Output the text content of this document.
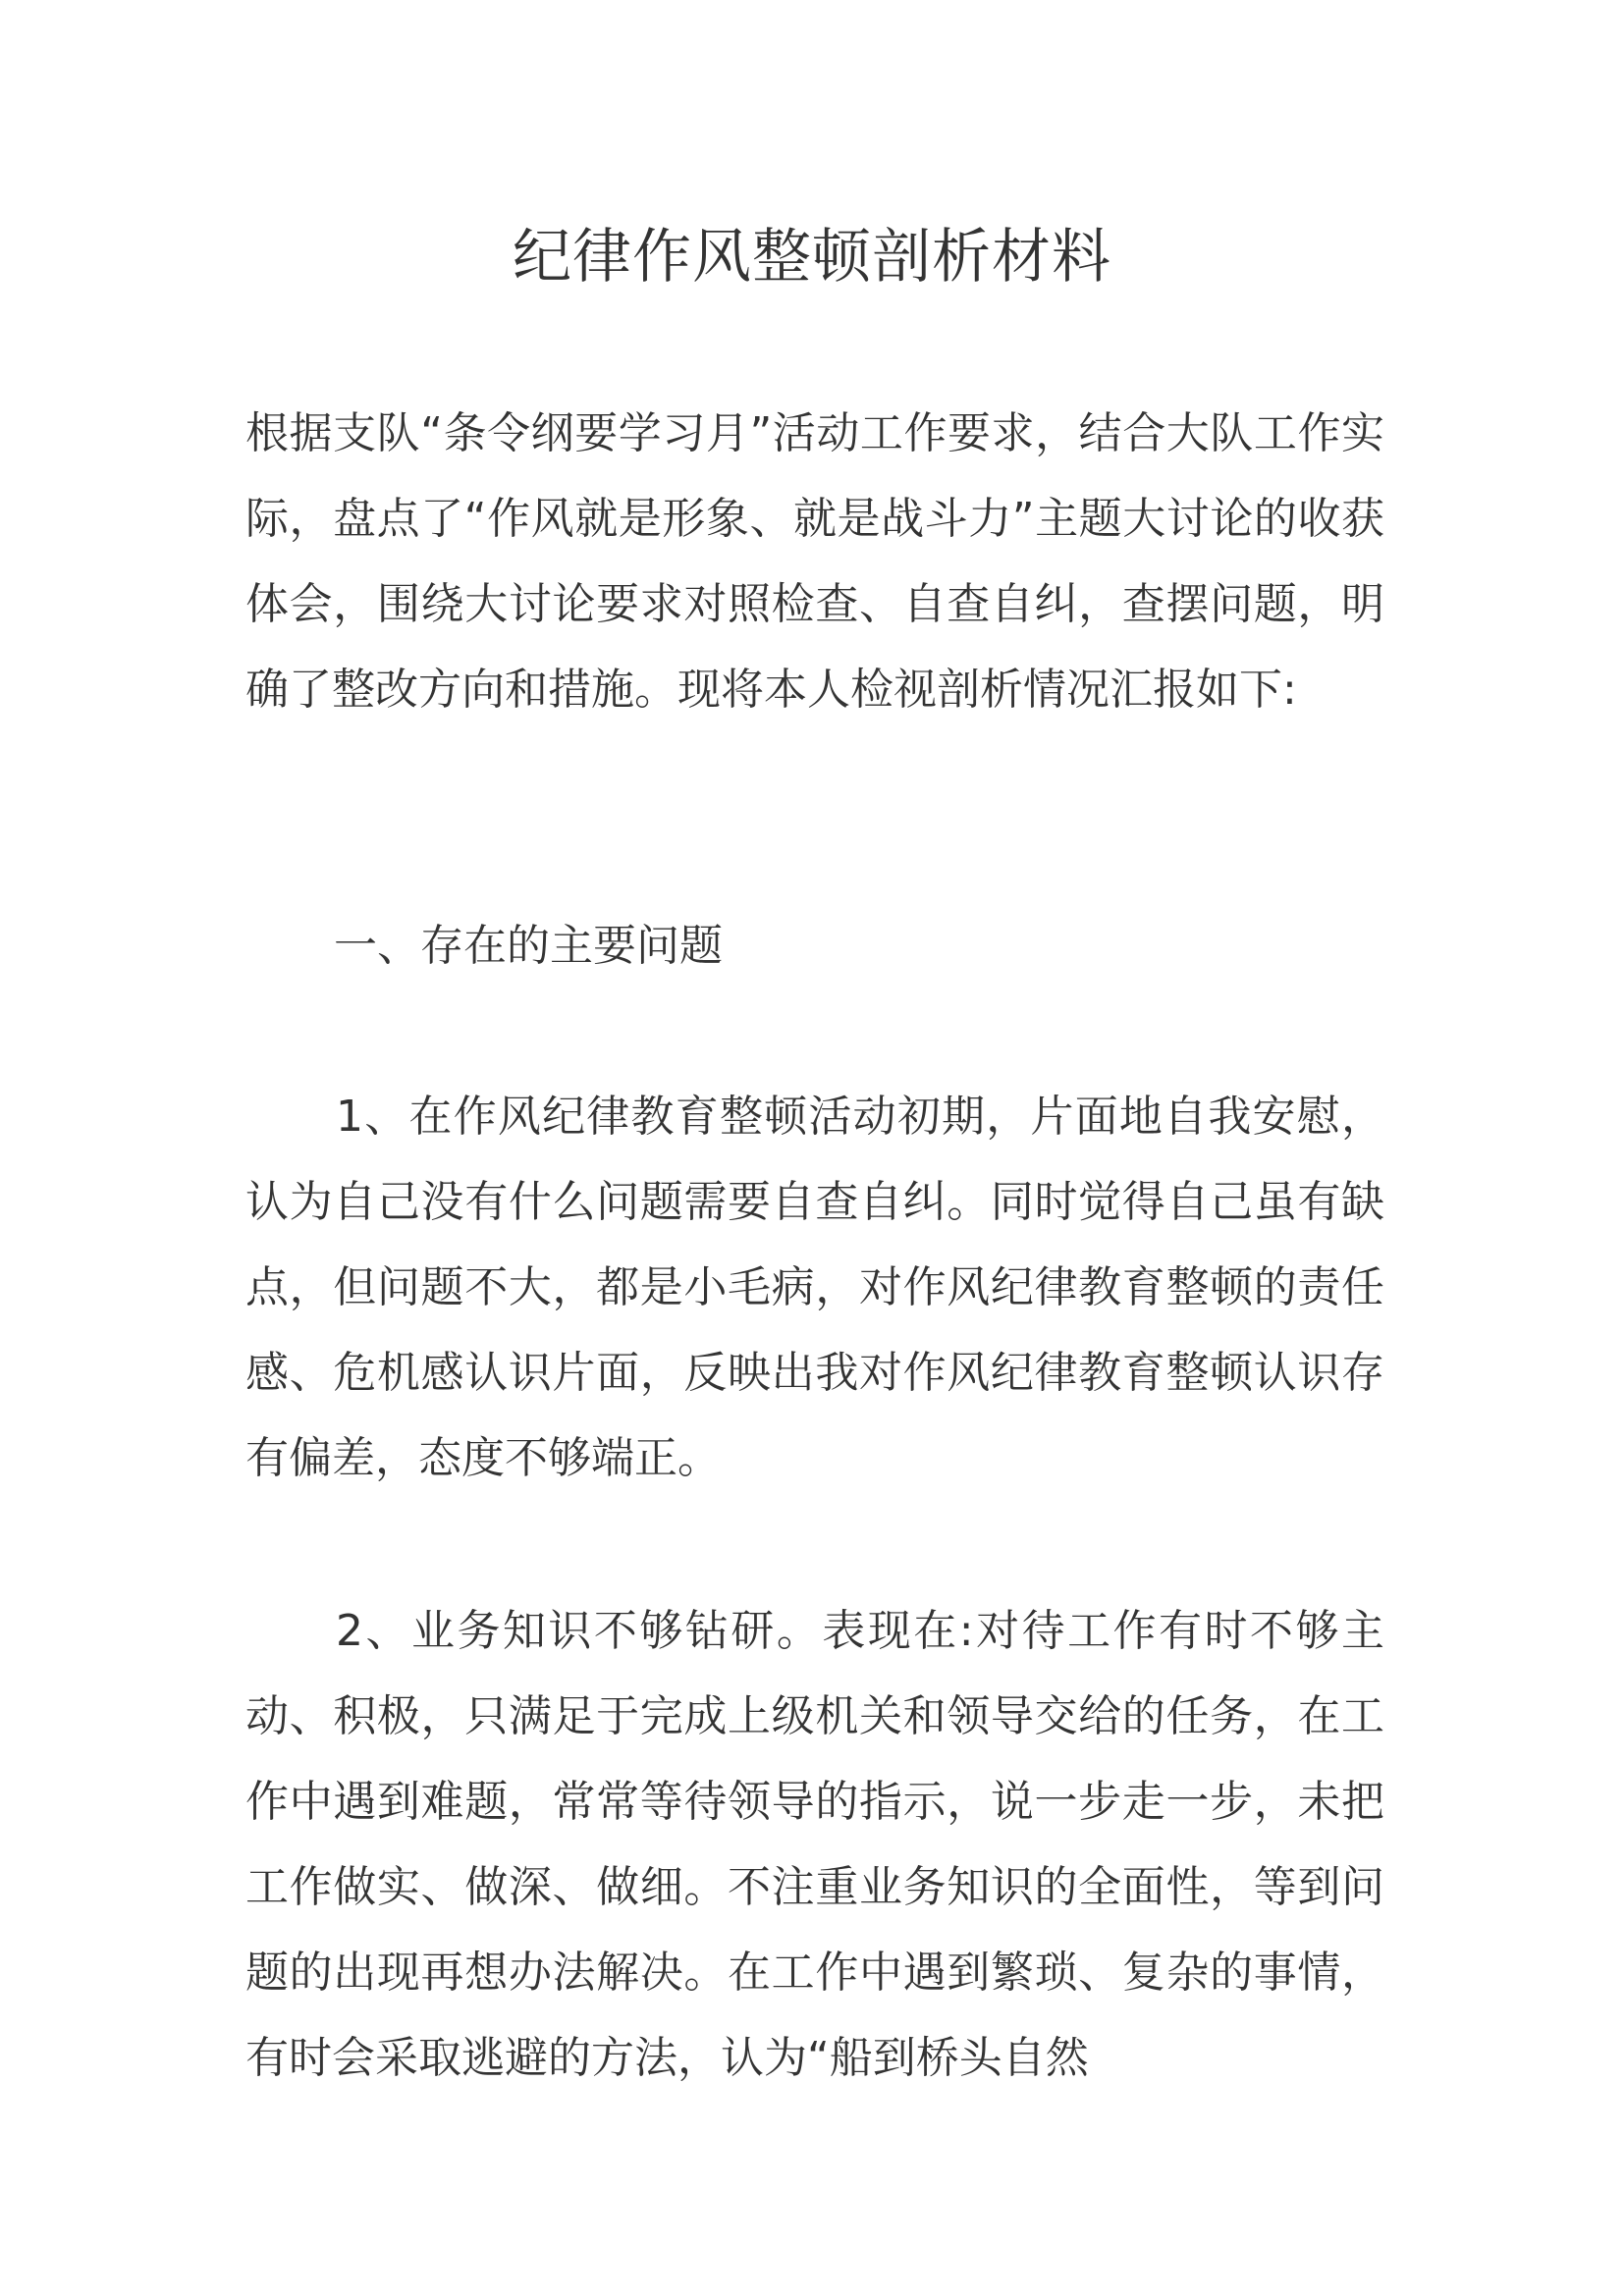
纪律作风整顿剖析材料
根据支队“条令纲要学习月”活动工作要求，结合大队工作实际，盘点了“作风就是形象、就是战斗力”主题大讨论的收获体会，围绕大讨论要求对照检查、自查自纠，查摆问题，明确了整改方向和措施。现将本人检视剖析情况汇报如下:
一、存在的主要问题
1、在作风纪律教育整顿活动初期，片面地自我安慰，认为自己没有什么问题需要自查自纠。同时觉得自己虽有缺点，但问题不大，都是小毛病，对作风纪律教育整顿的责任感、危机感认识片面，反映出我对作风纪律教育整顿认识存有偏差，态度不够端正。
2、业务知识不够钻研。表现在:对待工作有时不够主动、积极，只满足于完成上级机关和领导交给的任务，在工作中遇到难题，常常等待领导的指示，说一步走一步，未把工作做实、做深、做细。不注重业务知识的全面性，等到问题的出现再想办法解决。在工作中遇到繁琐、复杂的事情，有时会采取逃避的方法，认为“船到桥头自然
